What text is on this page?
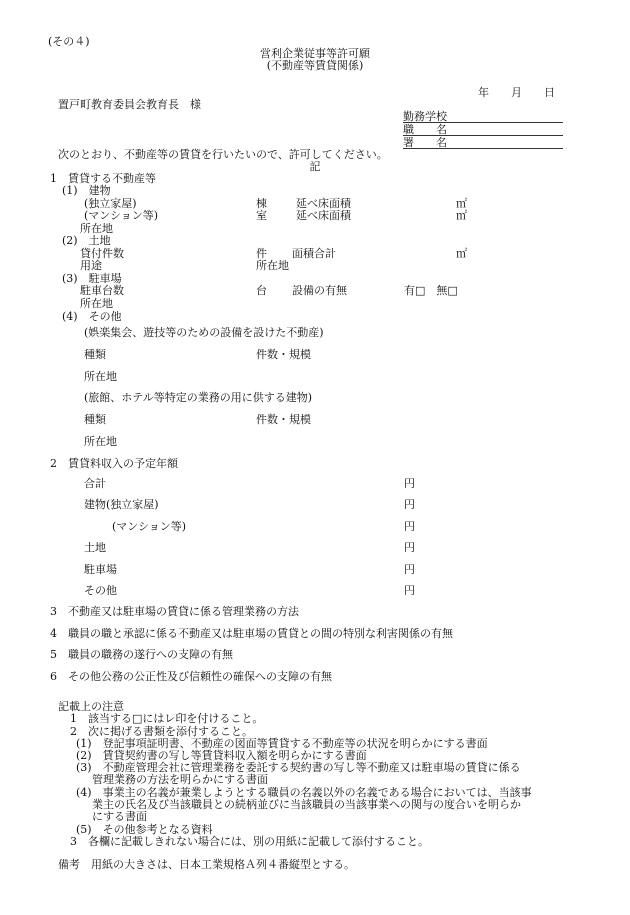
(その４)
営利企業従事等許可願
(不動産等賃貸関係)
年　　月　　日
置戸町教育委員会教育長　様
勤務学校
職　　名
署　　名
次のとおり、不動産等の賃貸を行いたいので、許可してください。
記
1　賃貸する不動産等
(1)　建物
(独立家屋)	棟	延べ床面積	㎡
(マンション等)	室	延べ床面積	㎡
所在地
(2)　土地
貸付件数	件 面積合計	㎡
用途	所在地
(3)　駐車場
駐車台数	台 設備の有無	有□　無□
所在地
(4)　その他
(娯楽集会、遊技等のための設備を設けた不動産)
種類	件数・規模
所在地
(旅館、ホテル等特定の業務の用に供する建物)
種類	件数・規模
所在地
2　賃貸料収入の予定年額
合計	円
建物(独立家屋)	円
(マンション等)	円
土地	円
駐車場	円
その他	円
3　不動産又は駐車場の賃貸に係る管理業務の方法
4　職員の職と承認に係る不動産又は駐車場の賃貸との間の特別な利害関係の有無
5　職員の職務の遂行への支障の有無
6　その他公務の公正性及び信頼性の確保への支障の有無
記載上の注意
1　該当する□にはレ印を付けること。
2　次に掲げる書類を添付すること。
(1)　登記事項証明書、不動産の図面等賃貸する不動産等の状況を明らかにする書面
(2)　賃貸契約書の写し等賃貸料収入額を明らかにする書面
(3)　不動産管理会社に管理業務を委託する契約書の写し等不動産又は駐車場の賃貸に係る
管理業務の方法を明らかにする書面
(4)　事業主の名義が兼業しようとする職員の名義以外の名義である場合においては、当該事
業主の氏名及び当該職員との続柄並びに当該職員の当該事業への関与の度合いを明らか
にする書面
(5)　その他参考となる資料
3　各欄に記載しきれない場合には、別の用紙に記載して添付すること。
備考　用紙の大きさは、日本工業規格Ａ列４番縦型とする。
